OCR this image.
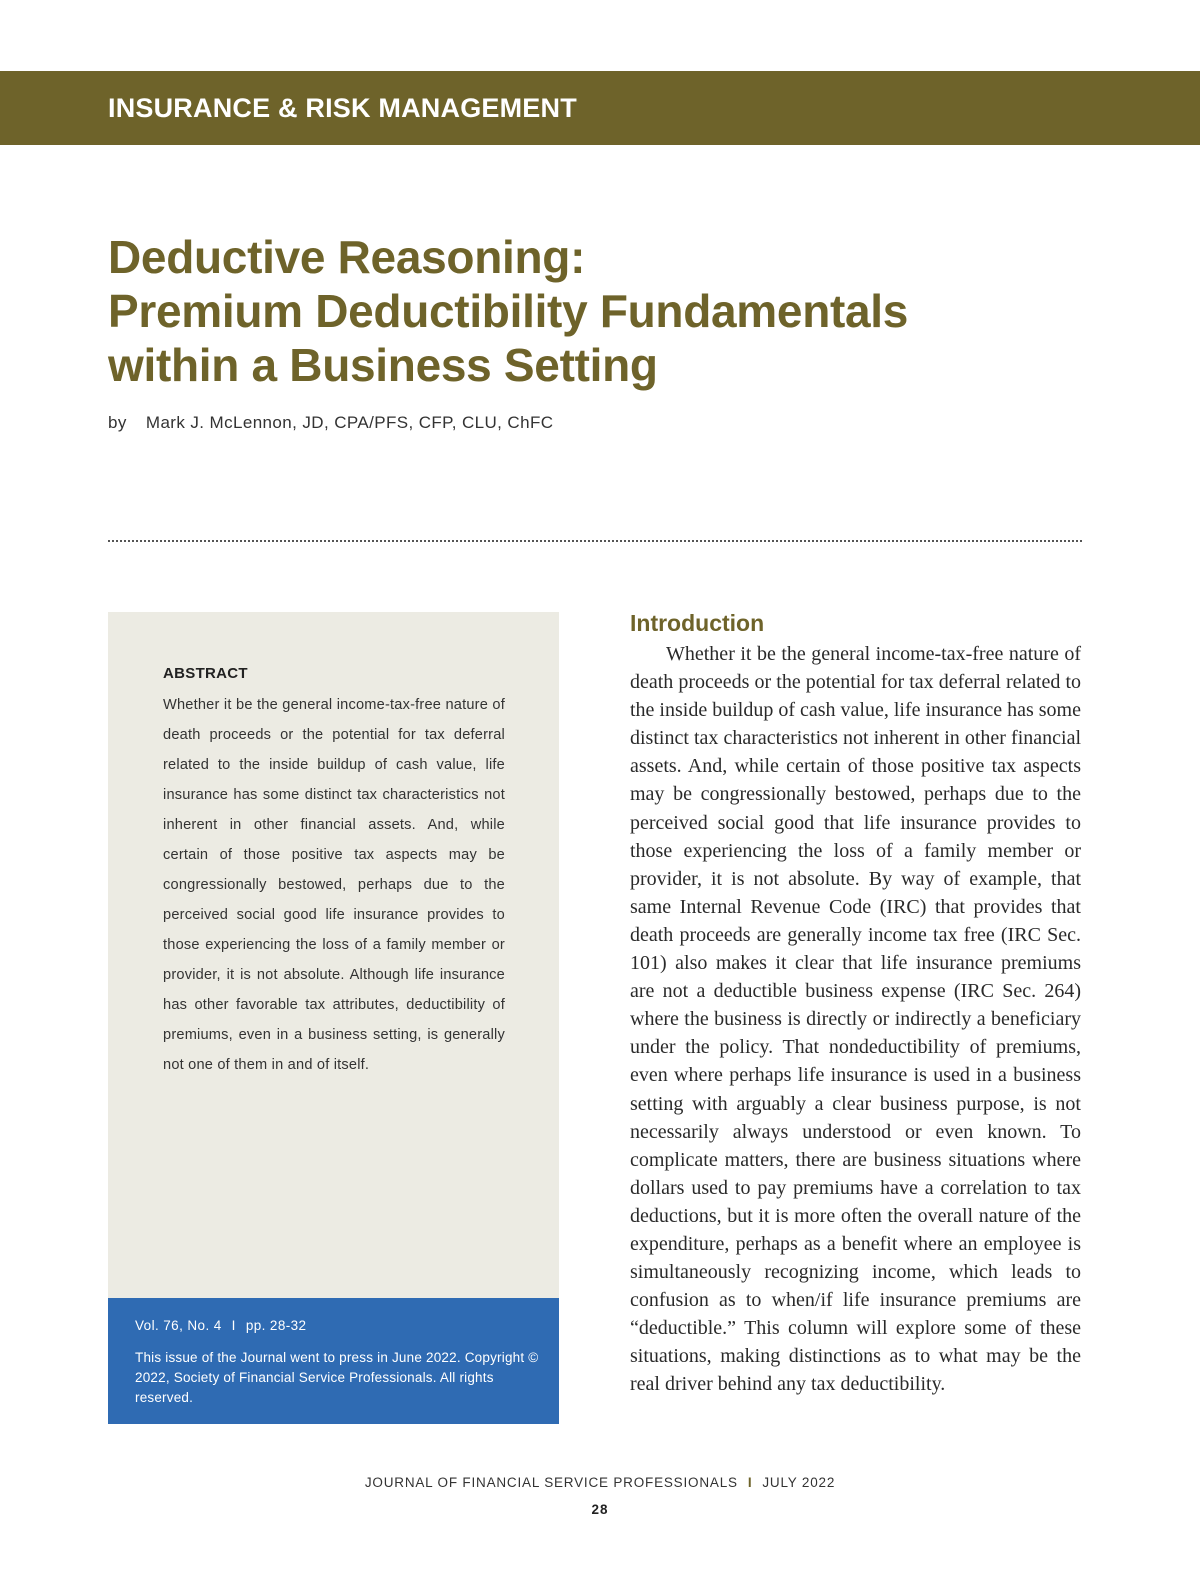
INSURANCE & RISK MANAGEMENT
Deductive Reasoning:
Premium Deductibility Fundamentals
within a Business Setting
by Mark J. McLennon, JD, CPA/PFS, CFP, CLU, ChFC
ABSTRACT

Whether it be the general income-tax-free nature of death proceeds or the potential for tax deferral related to the inside buildup of cash value, life insurance has some distinct tax characteristics not inherent in other financial assets. And, while certain of those positive tax aspects may be congressionally bestowed, perhaps due to the perceived social good life insurance provides to those experiencing the loss of a family member or provider, it is not absolute. Although life insurance has other favorable tax attributes, deductibility of premiums, even in a business setting, is generally not one of them in and of itself.

Vol. 76, No. 4 I pp. 28-32

This issue of the Journal went to press in June 2022. Copyright © 2022, Society of Financial Service Professionals. All rights reserved.

Introduction

Whether it be the general income-tax-free nature of death proceeds or the potential for tax deferral related to the inside buildup of cash value, life insurance has some distinct tax characteristics not inherent in other financial assets. And, while certain of those positive tax aspects may be congressionally bestowed, perhaps due to the perceived social good that life insurance provides to those experiencing the loss of a family member or provider, it is not absolute. By way of example, that same Internal Revenue Code (IRC) that provides that death proceeds are generally income tax free (IRC Sec. 101) also makes it clear that life insurance premiums are not a deductible business expense (IRC Sec. 264) where the business is directly or indirectly a beneficiary under the policy. That nondeductibility of premiums, even where perhaps life insurance is used in a business setting with arguably a clear business purpose, is not necessarily always understood or even known. To complicate matters, there are business situations where dollars used to pay premiums have a correlation to tax deductions, but it is more often the overall nature of the expenditure, perhaps as a benefit where an employee is simultaneously recognizing income, which leads to confusion as to when/if life insurance premiums are “deductible.” This column will explore some of these situations, making distinctions as to what may be the real driver behind any tax deductibility.

JOURNAL OF FINANCIAL SERVICE PROFESSIONALS I JULY 2022
28
